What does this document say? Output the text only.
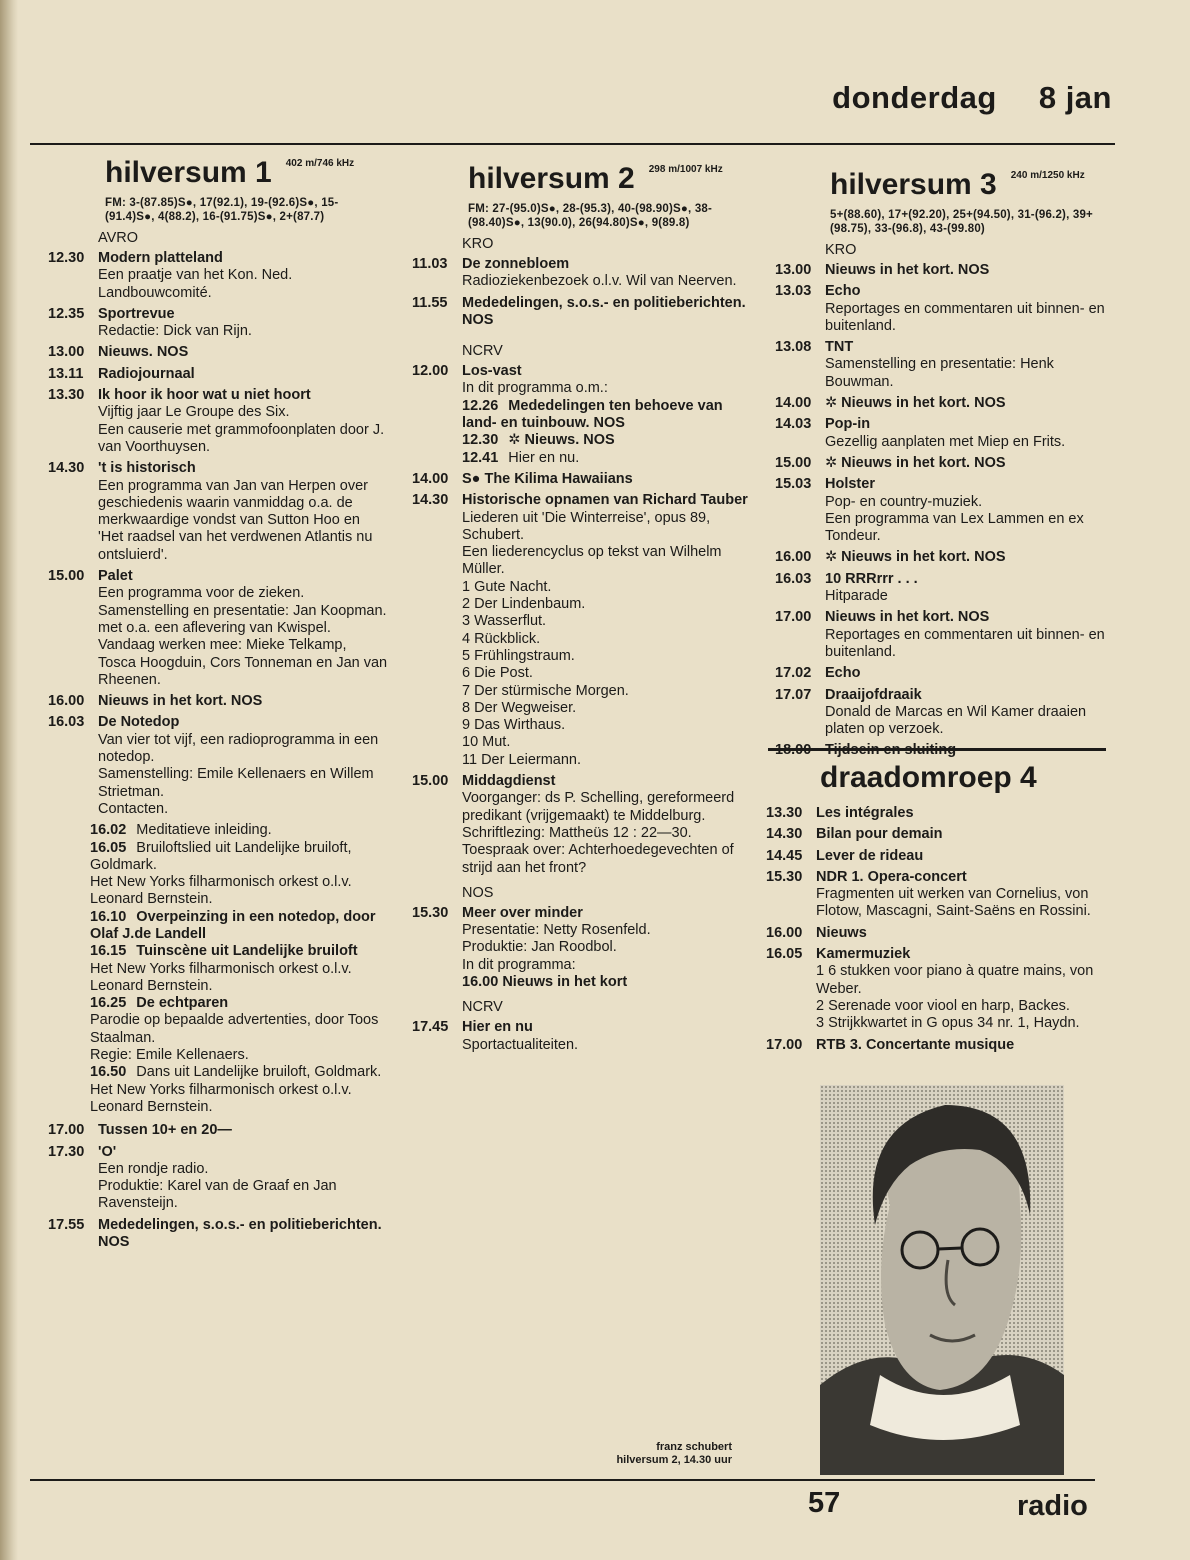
donderdag 8 jan
hilversum 1 $^{402 m/746 kHz}$
FM: 3-(87.85)S●, 17(92.1), 19-(92.6)S●, 15-(91.4)S●, 4(88.2), 16-(91.75)S●, 2+(87.7)
AVRO
12.30 Modern platteland
Een praatje van het Kon. Ned. Landbouwcomité.
12.35 Sportrevue
Redactie: Dick van Rijn.
13.00 Nieuws. NOS
13.11	Radiojournaal
13.30 Ik hoor ik hoor wat u niet hoort
Vijftig jaar Le Groupe des Six.
Een causerie met grammofoonplaten door J. van Voorthuysen.
14.30 't is historisch
Een programma van Jan van Herpen over geschiedenis waarin vanmiddag o.a. de merkwaardige vondst van Sutton Hoo en 'Het raadsel van het verdwenen Atlantis nu ontsluierd'.
15.00 Palet
Een programma voor de zieken.
Samenstelling en presentatie: Jan Koopman.
met o.a. een aflevering van Kwispel.
Vandaag werken mee: Mieke Telkamp, Tosca Hoogduin, Cors Tonneman en Jan van Rheenen.
16.00 Nieuws in het kort. NOS
16.03 De Notedop
Van vier tot vijf, een radioprogramma in een notedop.
Samenstelling: Emile Kellenaers en Willem Strietman.
Contacten.
16.02 Meditatieve inleiding.
16.05 Bruiloftslied uit Landelijke bruiloft, Goldmark.
Het New Yorks filharmonisch orkest o.l.v. Leonard Bernstein.
16.10 Overpeinzing in een notedop, door Olaf J.de Landell
16.15 Tuinscène uit Landelijke bruiloft
Het New Yorks filharmonisch orkest o.l.v. Leonard Bernstein.
16.25 De echtparen
Parodie op bepaalde advertenties, door Toos Staalman.
Regie: Emile Kellenaers.
16.50 Dans uit Landelijke bruiloft, Goldmark.
Het New Yorks filharmonisch orkest o.l.v. Leonard Bernstein.
17.00 Tussen 10+ en 20—
17.30 'O'
Een rondje radio.
Produktie: Karel van de Graaf en Jan Ravensteijn.
17.55 Mededelingen, s.o.s.- en politieberichten. NOS
hilversum 2 $^{298 m/1007 kHz}$
FM: 27-(95.0)S●, 28-(95.3), 40-(98.90)S●, 38-(98.40)S●, 13(90.0), 26(94.80)S●, 9(89.8)
KRO
11.03	De zonnebloem
Radioziekenbezoek o.l.v. Wil van Neerven.
11.55	Mededelingen, s.o.s.- en politieberichten. NOS
NCRV
12.00 Los-vast
In dit programma o.m.:
12.26 Mededelingen ten behoeve van land- en tuinbouw. NOS
12.30 ✲ Nieuws. NOS
12.41 Hier en nu.
14.00 S● The Kilima Hawaiians
14.30 Historische opnamen van Richard Tauber
Liederen uit 'Die Winterreise', opus 89, Schubert.
Een liederencyclus op tekst van Wilhelm Müller.
1 Gute Nacht.
2 Der Lindenbaum.
3 Wasserflut.
4 Rückblick.
5 Frühlingstraum.
6 Die Post.
7 Der stürmische Morgen.
8 Der Wegweiser.
9 Das Wirthaus.
10 Mut.
11 Der Leiermann.
15.00 Middagdienst
Voorganger: ds P. Schelling, gereformeerd predikant (vrijgemaakt) te Middelburg.
Schriftlezing: Mattheüs 12 : 22—30.
Toespraak over: Achterhoedegevechten of strijd aan het front?
NOS
15.30 Meer over minder
Presentatie: Netty Rosenfeld.
Produktie: Jan Roodbol.
In dit programma:
16.00 Nieuws in het kort
NCRV
17.45 Hier en nu
Sportactualiteiten.
hilversum 3 $^{240 m/1250 kHz}$
5+(88.60), 17+(92.20), 25+(94.50), 31-(96.2), 39+(98.75), 33-(96.8), 43-(99.80)
KRO
13.00 Nieuws in het kort. NOS
13.03 Echo
Reportages en commentaren uit binnen- en buitenland.
13.08 TNT
Samenstelling en presentatie: Henk Bouwman.
14.00 ✲ Nieuws in het kort. NOS
14.03 Pop-in
Gezellig aanplaten met Miep en Frits.
15.00 ✲ Nieuws in het kort. NOS
15.03 Holster
Pop- en country-muziek.
Een programma van Lex Lammen en ex Tondeur.
16.00 ✲ Nieuws in het kort. NOS
16.03 10 RRRrrr . . .
Hitparade
17.00 Nieuws in het kort. NOS
Reportages en commentaren uit binnen- en buitenland.
17.02 Echo
17.07 Draaijofdraaik
Donald de Marcas en Wil Kamer draaien platen op verzoek.
draadomroep 4
13.30 Les intégrales
14.30 Bilan pour demain
14.45 Lever de rideau
15.30 NDR 1. Opera-concert
Fragmenten uit werken van Cornelius, von Flotow, Mascagni, Saint-Saëns en Rossini.
16.00 Nieuws
16.05 Kamermuziek
1 6 stukken voor piano à quatre mains, von Weber.
2 Serenade voor viool en harp, Backes.
3 Strijkkwartet in G opus 34 nr. 1, Haydn.
17.00 RTB 3. Concertante musique
franz schubert
hilversum 2, 14.30 uur
57	radio
